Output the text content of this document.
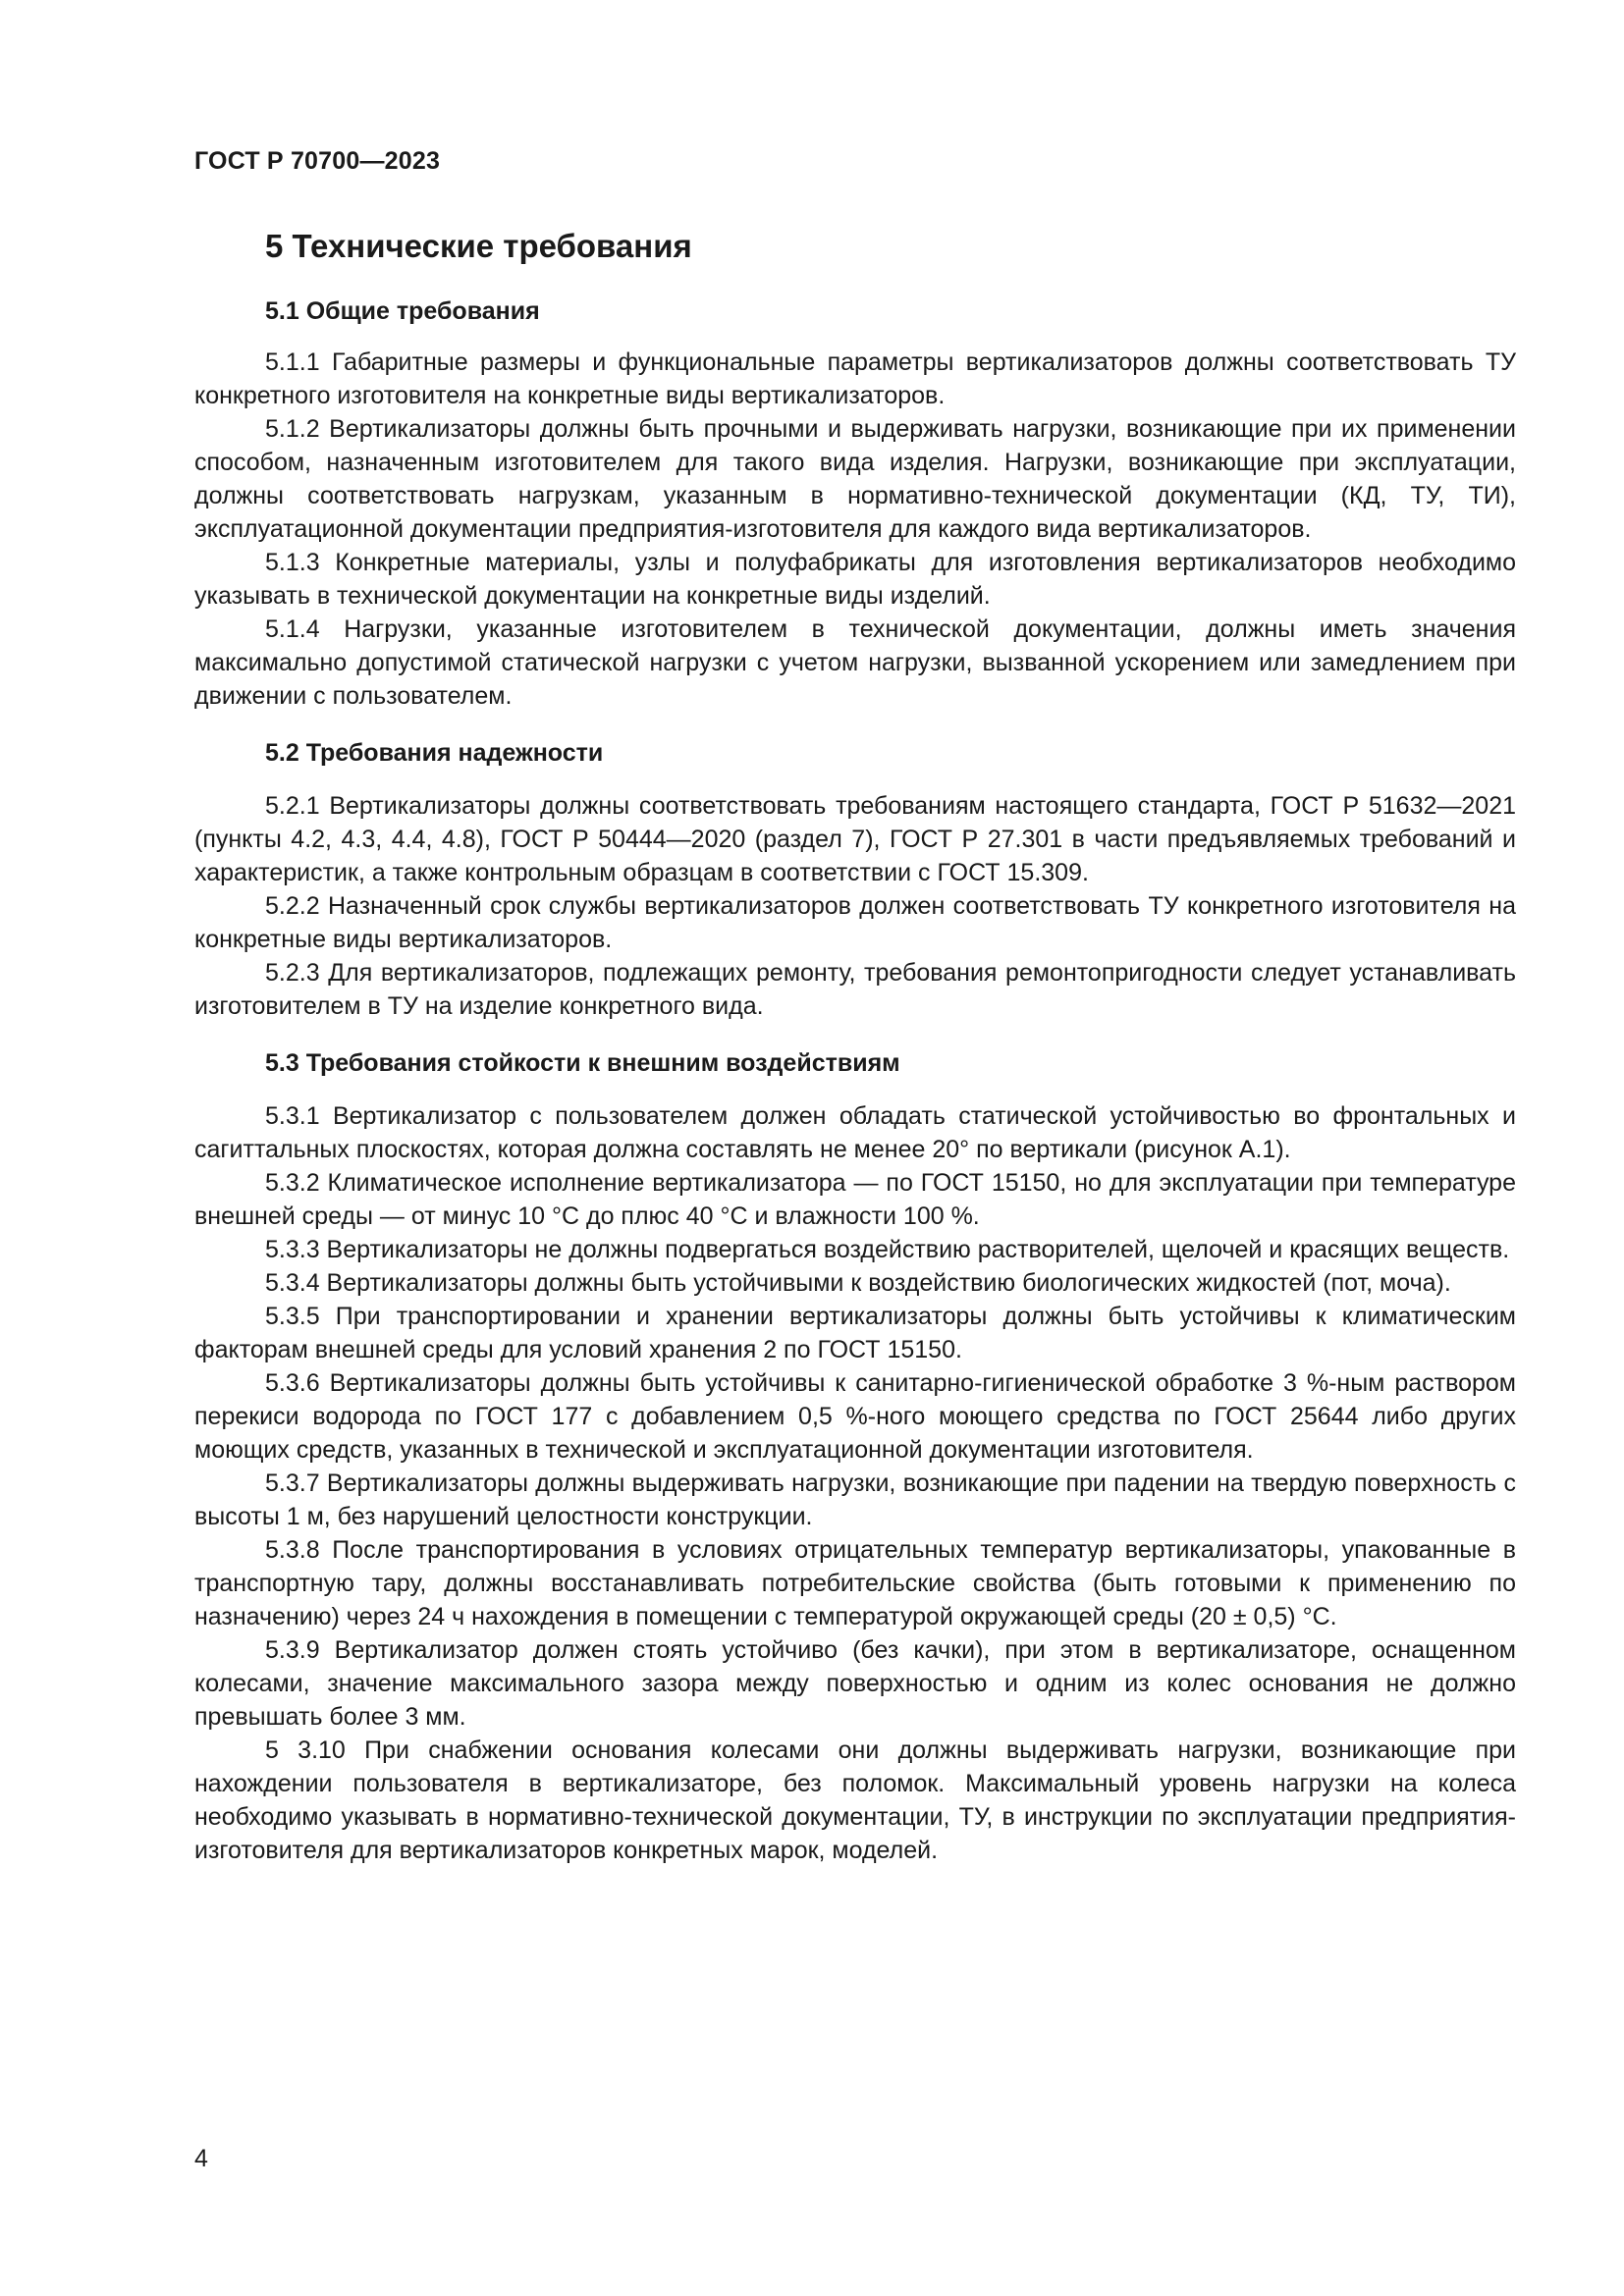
ГОСТ Р 70700—2023
5 Технические требования
5.1 Общие требования

5.1.1 Габаритные размеры и функциональные параметры вертикализаторов должны соответствовать ТУ конкретного изготовителя на конкретные виды вертикализаторов.

5.1.2 Вертикализаторы должны быть прочными и выдерживать нагрузки, возникающие при их применении способом, назначенным изготовителем для такого вида изделия. Нагрузки, возникающие при эксплуатации, должны соответствовать нагрузкам, указанным в нормативно-технической документации (КД, ТУ, ТИ), эксплуатационной документации предприятия-изготовителя для каждого вида вертикализаторов.

5.1.3 Конкретные материалы, узлы и полуфабрикаты для изготовления вертикализаторов необходимо указывать в технической документации на конкретные виды изделий.

5.1.4 Нагрузки, указанные изготовителем в технической документации, должны иметь значения максимально допустимой статической нагрузки с учетом нагрузки, вызванной ускорением или замедлением при движении с пользователем.

5.2 Требования надежности

5.2.1 Вертикализаторы должны соответствовать требованиям настоящего стандарта, ГОСТ Р 51632—2021 (пункты 4.2, 4.3, 4.4, 4.8), ГОСТ Р 50444—2020 (раздел 7), ГОСТ Р 27.301 в части предъявляемых требований и характеристик, а также контрольным образцам в соответствии с ГОСТ 15.309.

5.2.2 Назначенный срок службы вертикализаторов должен соответствовать ТУ конкретного изготовителя на конкретные виды вертикализаторов.

5.2.3 Для вертикализаторов, подлежащих ремонту, требования ремонтопригодности следует устанавливать изготовителем в ТУ на изделие конкретного вида.

5.3 Требования стойкости к внешним воздействиям

5.3.1 Вертикализатор с пользователем должен обладать статической устойчивостью во фронтальных и сагиттальных плоскостях, которая должна составлять не менее 20° по вертикали (рисунок А.1).

5.3.2 Климатическое исполнение вертикализатора — по ГОСТ 15150, но для эксплуатации при температуре внешней среды — от минус 10 °С до плюс 40 °С и влажности 100 %.

5.3.3 Вертикализаторы не должны подвергаться воздействию растворителей, щелочей и красящих веществ.

5.3.4 Вертикализаторы должны быть устойчивыми к воздействию биологических жидкостей (пот, моча).

5.3.5 При транспортировании и хранении вертикализаторы должны быть устойчивы к климатическим факторам внешней среды для условий хранения 2 по ГОСТ 15150.

5.3.6 Вертикализаторы должны быть устойчивы к санитарно-гигиенической обработке 3 %-ным раствором перекиси водорода по ГОСТ 177 с добавлением 0,5 %-ного моющего средства по ГОСТ 25644 либо других моющих средств, указанных в технической и эксплуатационной документации изготовителя.

5.3.7 Вертикализаторы должны выдерживать нагрузки, возникающие при падении на твердую поверхность с высоты 1 м, без нарушений целостности конструкции.

5.3.8 После транспортирования в условиях отрицательных температур вертикализаторы, упакованные в транспортную тару, должны восстанавливать потребительские свойства (быть готовыми к применению по назначению) через 24 ч нахождения в помещении с температурой окружающей среды (20 ± 0,5) °С.

5.3.9 Вертикализатор должен стоять устойчиво (без качки), при этом в вертикализаторе, оснащенном колесами, значение максимального зазора между поверхностью и одним из колес основания не должно превышать более 3 мм.

5 3.10 При снабжении основания колесами они должны выдерживать нагрузки, возникающие при нахождении пользователя в вертикализаторе, без поломок. Максимальный уровень нагрузки на колеса необходимо указывать в нормативно-технической документации, ТУ, в инструкции по эксплуатации предприятия-изготовителя для вертикализаторов конкретных марок, моделей.

4
